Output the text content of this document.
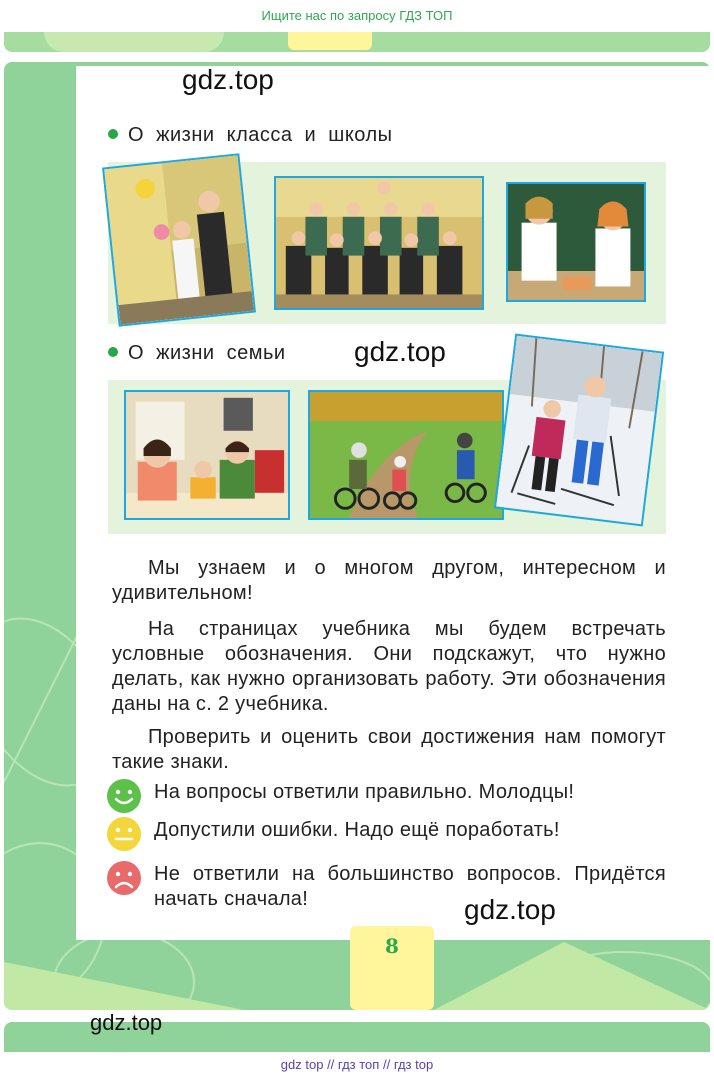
Ищите нас по запросу ГДЗ ТОП
gdz.top
О жизни класса и школы
О жизни семьи gdz.top
Мы узнаем и о многом другом, интересном и удивительном!
На страницах учебника мы будем встречать условные обозначения. Они подскажут, что нужно делать, как нужно организовать работу. Эти обозначения даны на с. 2 учебника.
Проверить и оценить свои достижения нам помогут такие знаки.
На вопросы ответили правильно. Молодцы!
Допустили ошибки. Надо ещё поработать!
Не ответили на большинство вопросов. Придётся начать сначала!	gdz.top
8
gdz.top
gdz top // гдз топ // гдз top
